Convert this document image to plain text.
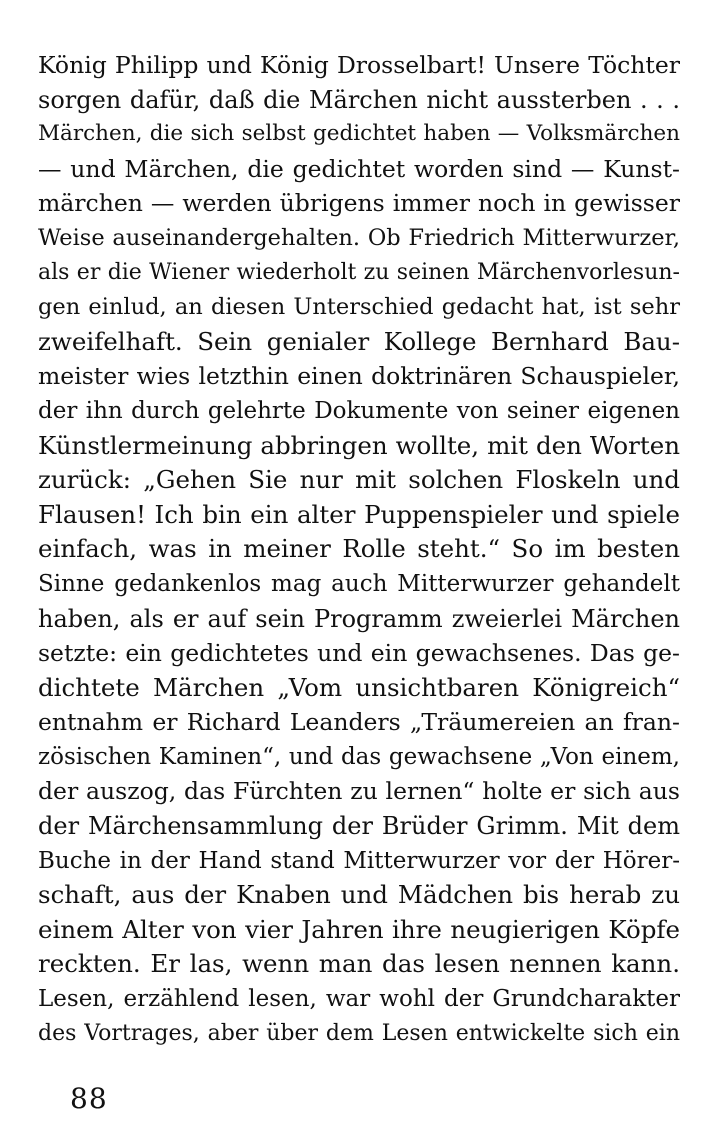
König Philipp und König Drosselbart! Unsere Töchter
sorgen dafür, daß die Märchen nicht aussterben . . .
Märchen, die sich selbst gedichtet haben — Volksmärchen
— und Märchen, die gedichtet worden sind — Kunst-
märchen — werden übrigens immer noch in gewisser
Weise auseinandergehalten. Ob Friedrich Mitterwurzer,
als er die Wiener wiederholt zu seinen Märchenvorlesun-
gen einlud, an diesen Unterschied gedacht hat, ist sehr
zweifelhaft. Sein genialer Kollege Bernhard Bau-
meister wies letzthin einen doktrinären Schauspieler,
der ihn durch gelehrte Dokumente von seiner eigenen
Künstlermeinung abbringen wollte, mit den Worten
zurück: „Gehen Sie nur mit solchen Floskeln und
Flausen! Ich bin ein alter Puppenspieler und spiele
einfach, was in meiner Rolle steht.“ So im besten
Sinne gedankenlos mag auch Mitterwurzer gehandelt
haben, als er auf sein Programm zweierlei Märchen
setzte: ein gedichtetes und ein gewachsenes. Das ge-
dichtete Märchen „Vom unsichtbaren Königreich“
entnahm er Richard Leanders „Träumereien an fran-
zösischen Kaminen“, und das gewachsene „Von einem,
der auszog, das Fürchten zu lernen“ holte er sich aus
der Märchensammlung der Brüder Grimm. Mit dem
Buche in der Hand stand Mitterwurzer vor der Hörer-
schaft, aus der Knaben und Mädchen bis herab zu
einem Alter von vier Jahren ihre neugierigen Köpfe
reckten. Er las, wenn man das lesen nennen kann.
Lesen, erzählend lesen, war wohl der Grundcharakter
des Vortrages, aber über dem Lesen entwickelte sich ein
88
